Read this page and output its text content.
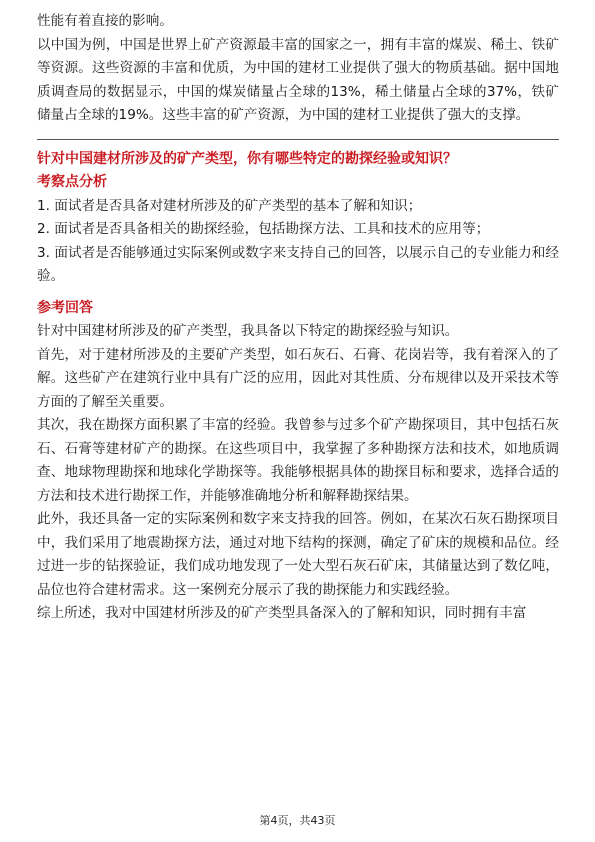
性能有着直接的影响。

以中国为例，中国是世界上矿产资源最丰富的国家之一，拥有丰富的煤炭、稀土、铁矿等资源。这些资源的丰富和优质，为中国的建材工业提供了强大的物质基础。据中国地质调查局的数据显示，中国的煤炭储量占全球的13%，稀土储量占全球的37%，铁矿储量占全球的19%。这些丰富的矿产资源，为中国的建材工业提供了强大的支撑。

针对中国建材所涉及的矿产类型，你有哪些特定的勘探经验或知识？

考察点分析

1. 面试者是否具备对建材所涉及的矿产类型的基本了解和知识；

2. 面试者是否具备相关的勘探经验，包括勘探方法、工具和技术的应用等；

3. 面试者是否能够通过实际案例或数字来支持自己的回答，以展示自己的专业能力和经验。

参考回答

针对中国建材所涉及的矿产类型，我具备以下特定的勘探经验与知识。

首先，对于建材所涉及的主要矿产类型，如石灰石、石膏、花岗岩等，我有着深入的了解。这些矿产在建筑行业中具有广泛的应用，因此对其性质、分布规律以及开采技术等方面的了解至关重要。

其次，我在勘探方面积累了丰富的经验。我曾参与过多个矿产勘探项目，其中包括石灰石、石膏等建材矿产的勘探。在这些项目中，我掌握了多种勘探方法和技术，如地质调查、地球物理勘探和地球化学勘探等。我能够根据具体的勘探目标和要求，选择合适的方法和技术进行勘探工作，并能够准确地分析和解释勘探结果。

此外，我还具备一定的实际案例和数字来支持我的回答。例如，在某次石灰石勘探项目中，我们采用了地震勘探方法，通过对地下结构的探测，确定了矿床的规模和品位。经过进一步的钻探验证，我们成功地发现了一处大型石灰石矿床，其储量达到了数亿吨，品位也符合建材需求。这一案例充分展示了我的勘探能力和实践经验。

综上所述，我对中国建材所涉及的矿产类型具备深入的了解和知识，同时拥有丰富

第4页，共43页
